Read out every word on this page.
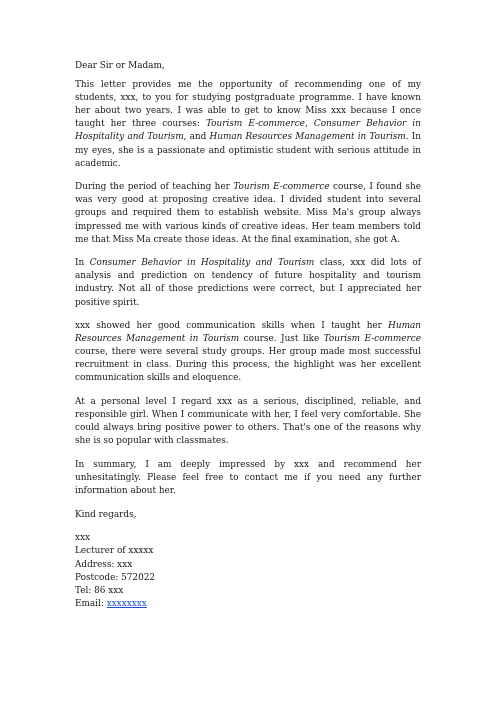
Dear Sir or Madam,

This letter provides me the opportunity of recommending one of my students, xxx, to you for studying postgraduate programme. I have known her about two years. I was able to get to know Miss xxx because I once taught her three courses: Tourism E-commerce, Consumer Behavior in Hospitality and Tourism, and Human Resources Management in Tourism. In my eyes, she is a passionate and optimistic student with serious attitude in academic.

During the period of teaching her Tourism E-commerce course, I found she was very good at proposing creative idea. I divided student into several groups and required them to establish website. Miss Ma's group always impressed me with various kinds of creative ideas. Her team members told me that Miss Ma create those ideas. At the final examination, she got A.

In Consumer Behavior in Hospitality and Tourism class, xxx did lots of analysis and prediction on tendency of future hospitality and tourism industry. Not all of those predictions were correct, but I appreciated her positive spirit.

xxx showed her good communication skills when I taught her Human Resources Management in Tourism course. Just like Tourism E-commerce course, there were several study groups. Her group made most successful recruitment in class. During this process, the highlight was her excellent communication skills and eloquence.

At a personal level I regard xxx as a serious, disciplined, reliable, and responsible girl. When I communicate with her, I feel very comfortable. She could always bring positive power to others. That's one of the reasons why she is so popular with classmates.

In summary, I am deeply impressed by xxx and recommend her unhesitatingly. Please feel free to contact me if you need any further information about her.

Kind regards,

xxx

Lecturer of xxxxx

Address: xxx

Postcode: 572022

Tel: 86 xxx

Email: xxxxxxxx
